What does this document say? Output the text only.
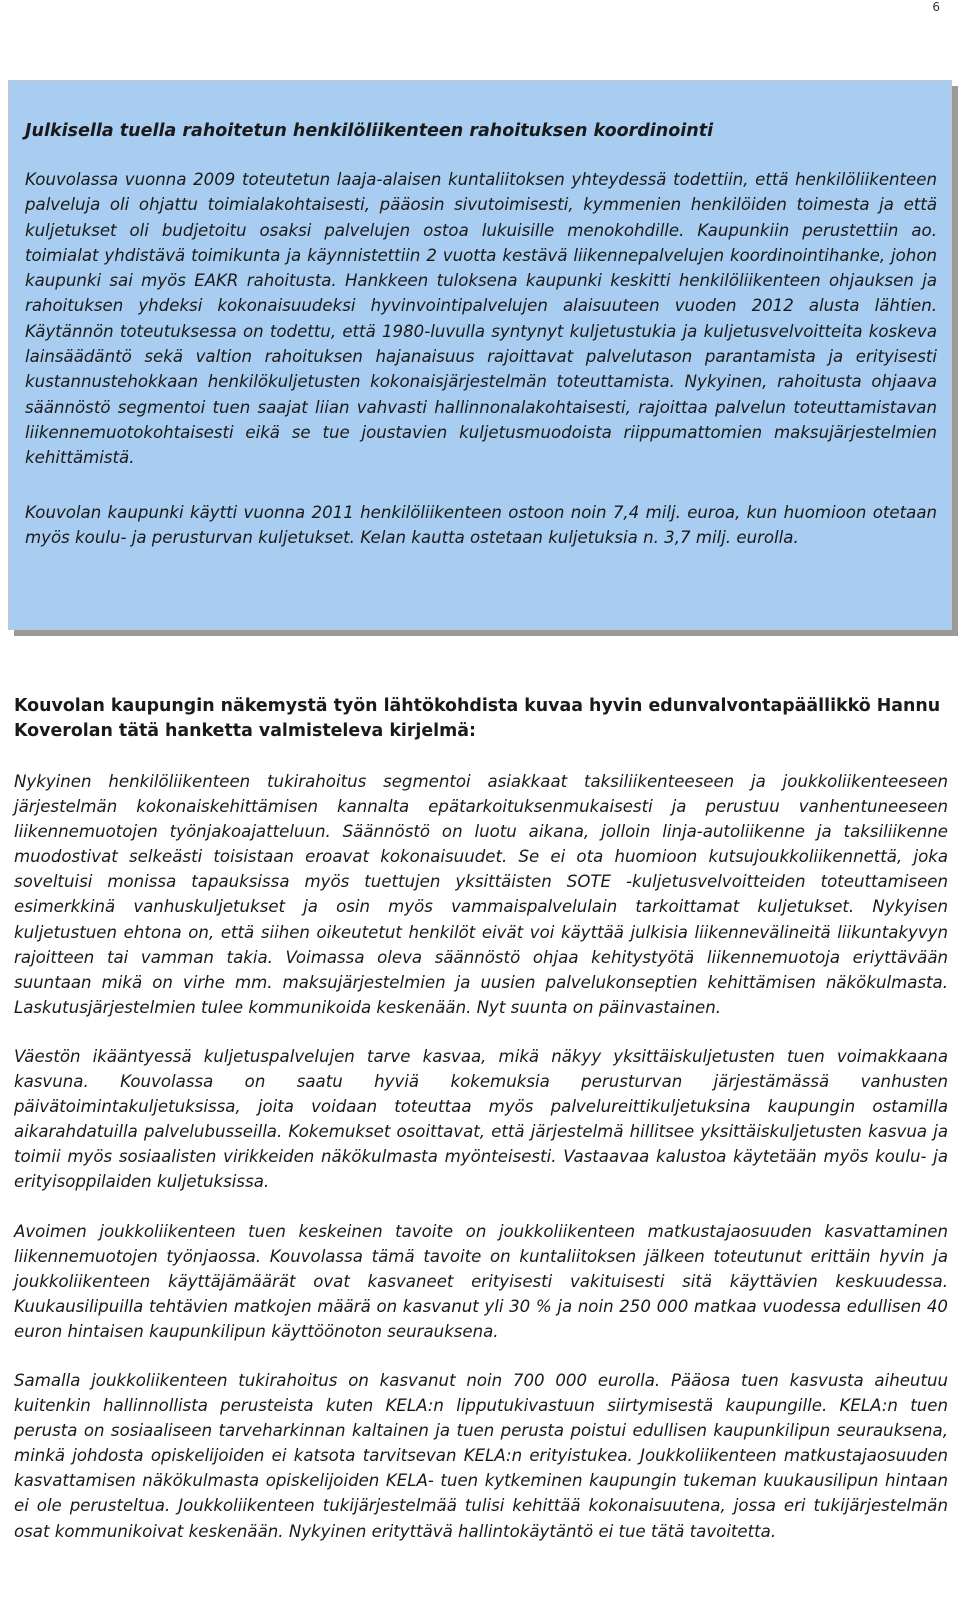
6
Julkisella tuella rahoitetun henkilöliikenteen rahoituksen koordinointi

Kouvolassa vuonna 2009 toteutetun laaja-alaisen kuntaliitoksen yhteydessä todettiin, että henkilöliikenteen palveluja oli ohjattu toimialakohtaisesti, pääosin sivutoimisesti, kymmenien henkilöiden toimesta ja että kuljetukset oli budjetoitu osaksi palvelujen ostoa lukuisille menokohdille. Kaupunkiin perustettiin ao. toimialat yhdistävä toimikunta ja käynnistettiin 2 vuotta kestävä liikennepalvelujen koordinointihanke, johon kaupunki sai myös EAKR rahoitusta. Hankkeen tuloksena kaupunki keskitti henkilöliikenteen ohjauksen ja rahoituksen yhdeksi kokonaisuudeksi hyvinvointipalvelujen alaisuuteen vuoden 2012 alusta lähtien. Käytännön toteutuksessa on todettu, että 1980-luvulla syntynyt kuljetustukia ja kuljetusvelvoitteita koskeva lainsäädäntö sekä valtion rahoituksen hajanaisuus rajoittavat palvelutason parantamista ja erityisesti kustannustehokkaan henkilökuljetusten kokonaisjärjestelmän toteuttamista. Nykyinen, rahoitusta ohjaava säännöstö segmentoi tuen saajat liian vahvasti hallinnonalakohtaisesti, rajoittaa palvelun toteuttamistavan liikennemuotokohtaisesti eikä se tue joustavien kuljetusmuodoista riippumattomien maksujärjestelmien kehittämistä.

Kouvolan kaupunki käytti vuonna 2011 henkilöliikenteen ostoon noin 7,4 milj. euroa, kun huomioon otetaan myös koulu- ja perusturvan kuljetukset. Kelan kautta ostetaan kuljetuksia n. 3,7 milj. eurolla.

Kouvolan kaupungin näkemystä työn lähtökohdista kuvaa hyvin edunvalvontapäällikkö Hannu Koverolan tätä hanketta valmisteleva kirjelmä:

Nykyinen henkilöliikenteen tukirahoitus segmentoi asiakkaat taksiliikenteeseen ja joukkoliikenteeseen järjestelmän kokonaiskehittämisen kannalta epätarkoituksenmukaisesti ja perustuu vanhentuneeseen liikennemuotojen työnjakoajatteluun. Säännöstö on luotu aikana, jolloin linja-autoliikenne ja taksiliikenne muodostivat selkeästi toisistaan eroavat kokonaisuudet. Se ei ota huomioon kutsujoukkoliikennettä, joka soveltuisi monissa tapauksissa myös tuettujen yksittäisten SOTE -kuljetusvelvoitteiden toteuttamiseen esimerkkinä vanhuskuljetukset ja osin myös vammaispalvelulain tarkoittamat kuljetukset. Nykyisen kuljetustuen ehtona on, että siihen oikeutetut henkilöt eivät voi käyttää julkisia liikennevälineitä liikuntakyvyn rajoitteen tai vamman takia. Voimassa oleva säännöstö ohjaa kehitystyötä liikennemuotoja eriyttävään suuntaan mikä on virhe mm. maksujärjestelmien ja uusien palvelukonseptien kehittämisen näkökulmasta. Laskutusjärjestelmien tulee kommunikoida keskenään. Nyt suunta on päinvastainen.

Väestön ikääntyessä kuljetuspalvelujen tarve kasvaa, mikä näkyy yksittäiskuljetusten tuen voimakkaana kasvuna. Kouvolassa on saatu hyviä kokemuksia perusturvan järjestämässä vanhusten päivätoimintakuljetuksissa, joita voidaan toteuttaa myös palvelureittikuljetuksina kaupungin ostamilla aikarahdatuilla palvelubusseilla. Kokemukset osoittavat, että järjestelmä hillitsee yksittäiskuljetusten kasvua ja toimii myös sosiaalisten virikkeiden näkökulmasta myönteisesti. Vastaavaa kalustoa käytetään myös koulu- ja erityisoppilaiden kuljetuksissa.

Avoimen joukkoliikenteen tuen keskeinen tavoite on joukkoliikenteen matkustajaosuuden kasvattaminen liikennemuotojen työnjaossa. Kouvolassa tämä tavoite on kuntaliitoksen jälkeen toteutunut erittäin hyvin ja joukkoliikenteen käyttäjämäärät ovat kasvaneet erityisesti vakituisesti sitä käyttävien keskuudessa. Kuukausilipuilla tehtävien matkojen määrä on kasvanut yli 30 % ja noin 250 000 matkaa vuodessa edullisen 40 euron hintaisen kaupunkilipun käyttöönoton seurauksena.

Samalla joukkoliikenteen tukirahoitus on kasvanut noin 700 000 eurolla. Pääosa tuen kasvusta aiheutuu kuitenkin hallinnollista perusteista kuten KELA:n lipputukivastuun siirtymisestä kaupungille. KELA:n tuen perusta on sosiaaliseen tarveharkinnan kaltainen ja tuen perusta poistui edullisen kaupunkilipun seurauksena, minkä johdosta opiskelijoiden ei katsota tarvitsevan KELA:n erityistukea. Joukkoliikenteen matkustajaosuuden kasvattamisen näkökulmasta opiskelijoiden KELA- tuen kytkeminen kaupungin tukeman kuukausilipun hintaan ei ole perusteltua. Joukkoliikenteen tukijärjestelmää tulisi kehittää kokonaisuutena, jossa eri tukijärjestelmän osat kommunikoivat keskenään. Nykyinen erityttävä hallintokäytäntö ei tue tätä tavoitetta.
